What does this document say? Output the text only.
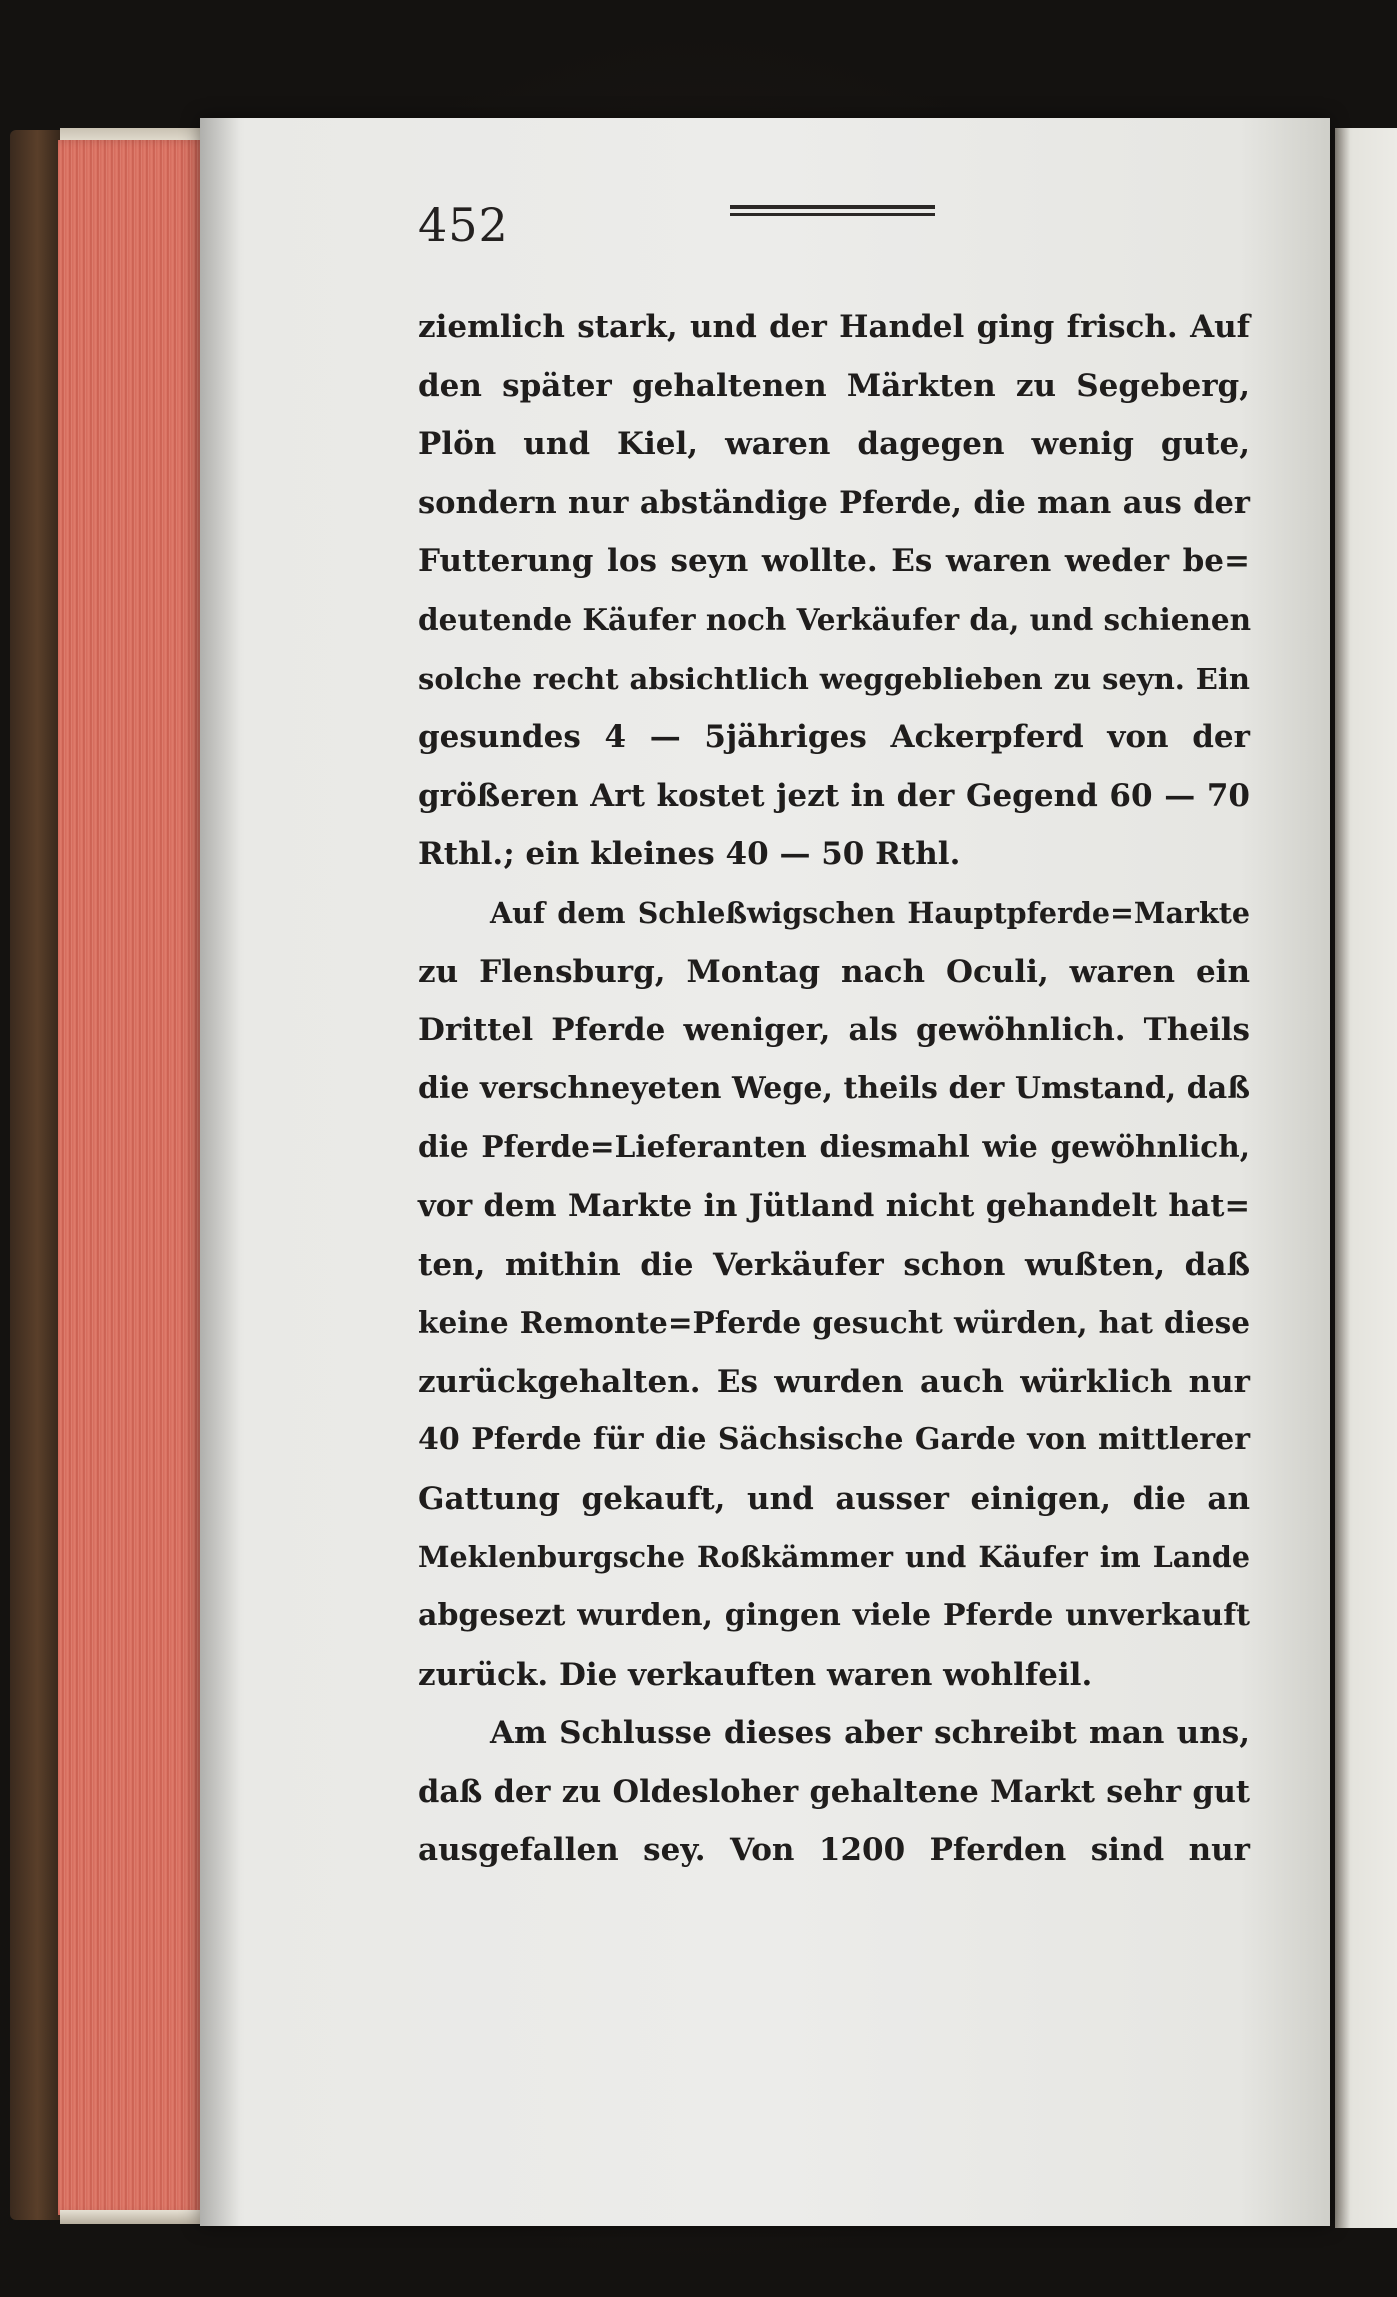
452
ziemlich stark, und der Handel ging frisch. Auf
den später gehaltenen Märkten zu Segeberg,
Plön und Kiel, waren dagegen wenig gute,
sondern nur abständige Pferde, die man aus der
Futterung los seyn wollte. Es waren weder be=
deutende Käufer noch Verkäufer da, und schienen
solche recht absichtlich weggeblieben zu seyn. Ein
gesundes 4 — 5jähriges Ackerpferd von der
größeren Art kostet jezt in der Gegend 60 — 70
Rthl.; ein kleines 40 — 50 Rthl.
Auf dem Schleßwigschen Hauptpferde=Markte
zu Flensburg, Montag nach Oculi, waren ein
Drittel Pferde weniger, als gewöhnlich. Theils
die verschneyeten Wege, theils der Umstand, daß
die Pferde=Lieferanten diesmahl wie gewöhnlich,
vor dem Markte in Jütland nicht gehandelt hat=
ten, mithin die Verkäufer schon wußten, daß
keine Remonte=Pferde gesucht würden, hat diese
zurückgehalten. Es wurden auch würklich nur
40 Pferde für die Sächsische Garde von mittlerer
Gattung gekauft, und ausser einigen, die an
Meklenburgsche Roßkämmer und Käufer im Lande
abgesezt wurden, gingen viele Pferde unverkauft
zurück. Die verkauften waren wohlfeil.
Am Schlusse dieses aber schreibt man uns,
daß der zu Oldesloher gehaltene Markt sehr gut
ausgefallen sey. Von 1200 Pferden sind nur
